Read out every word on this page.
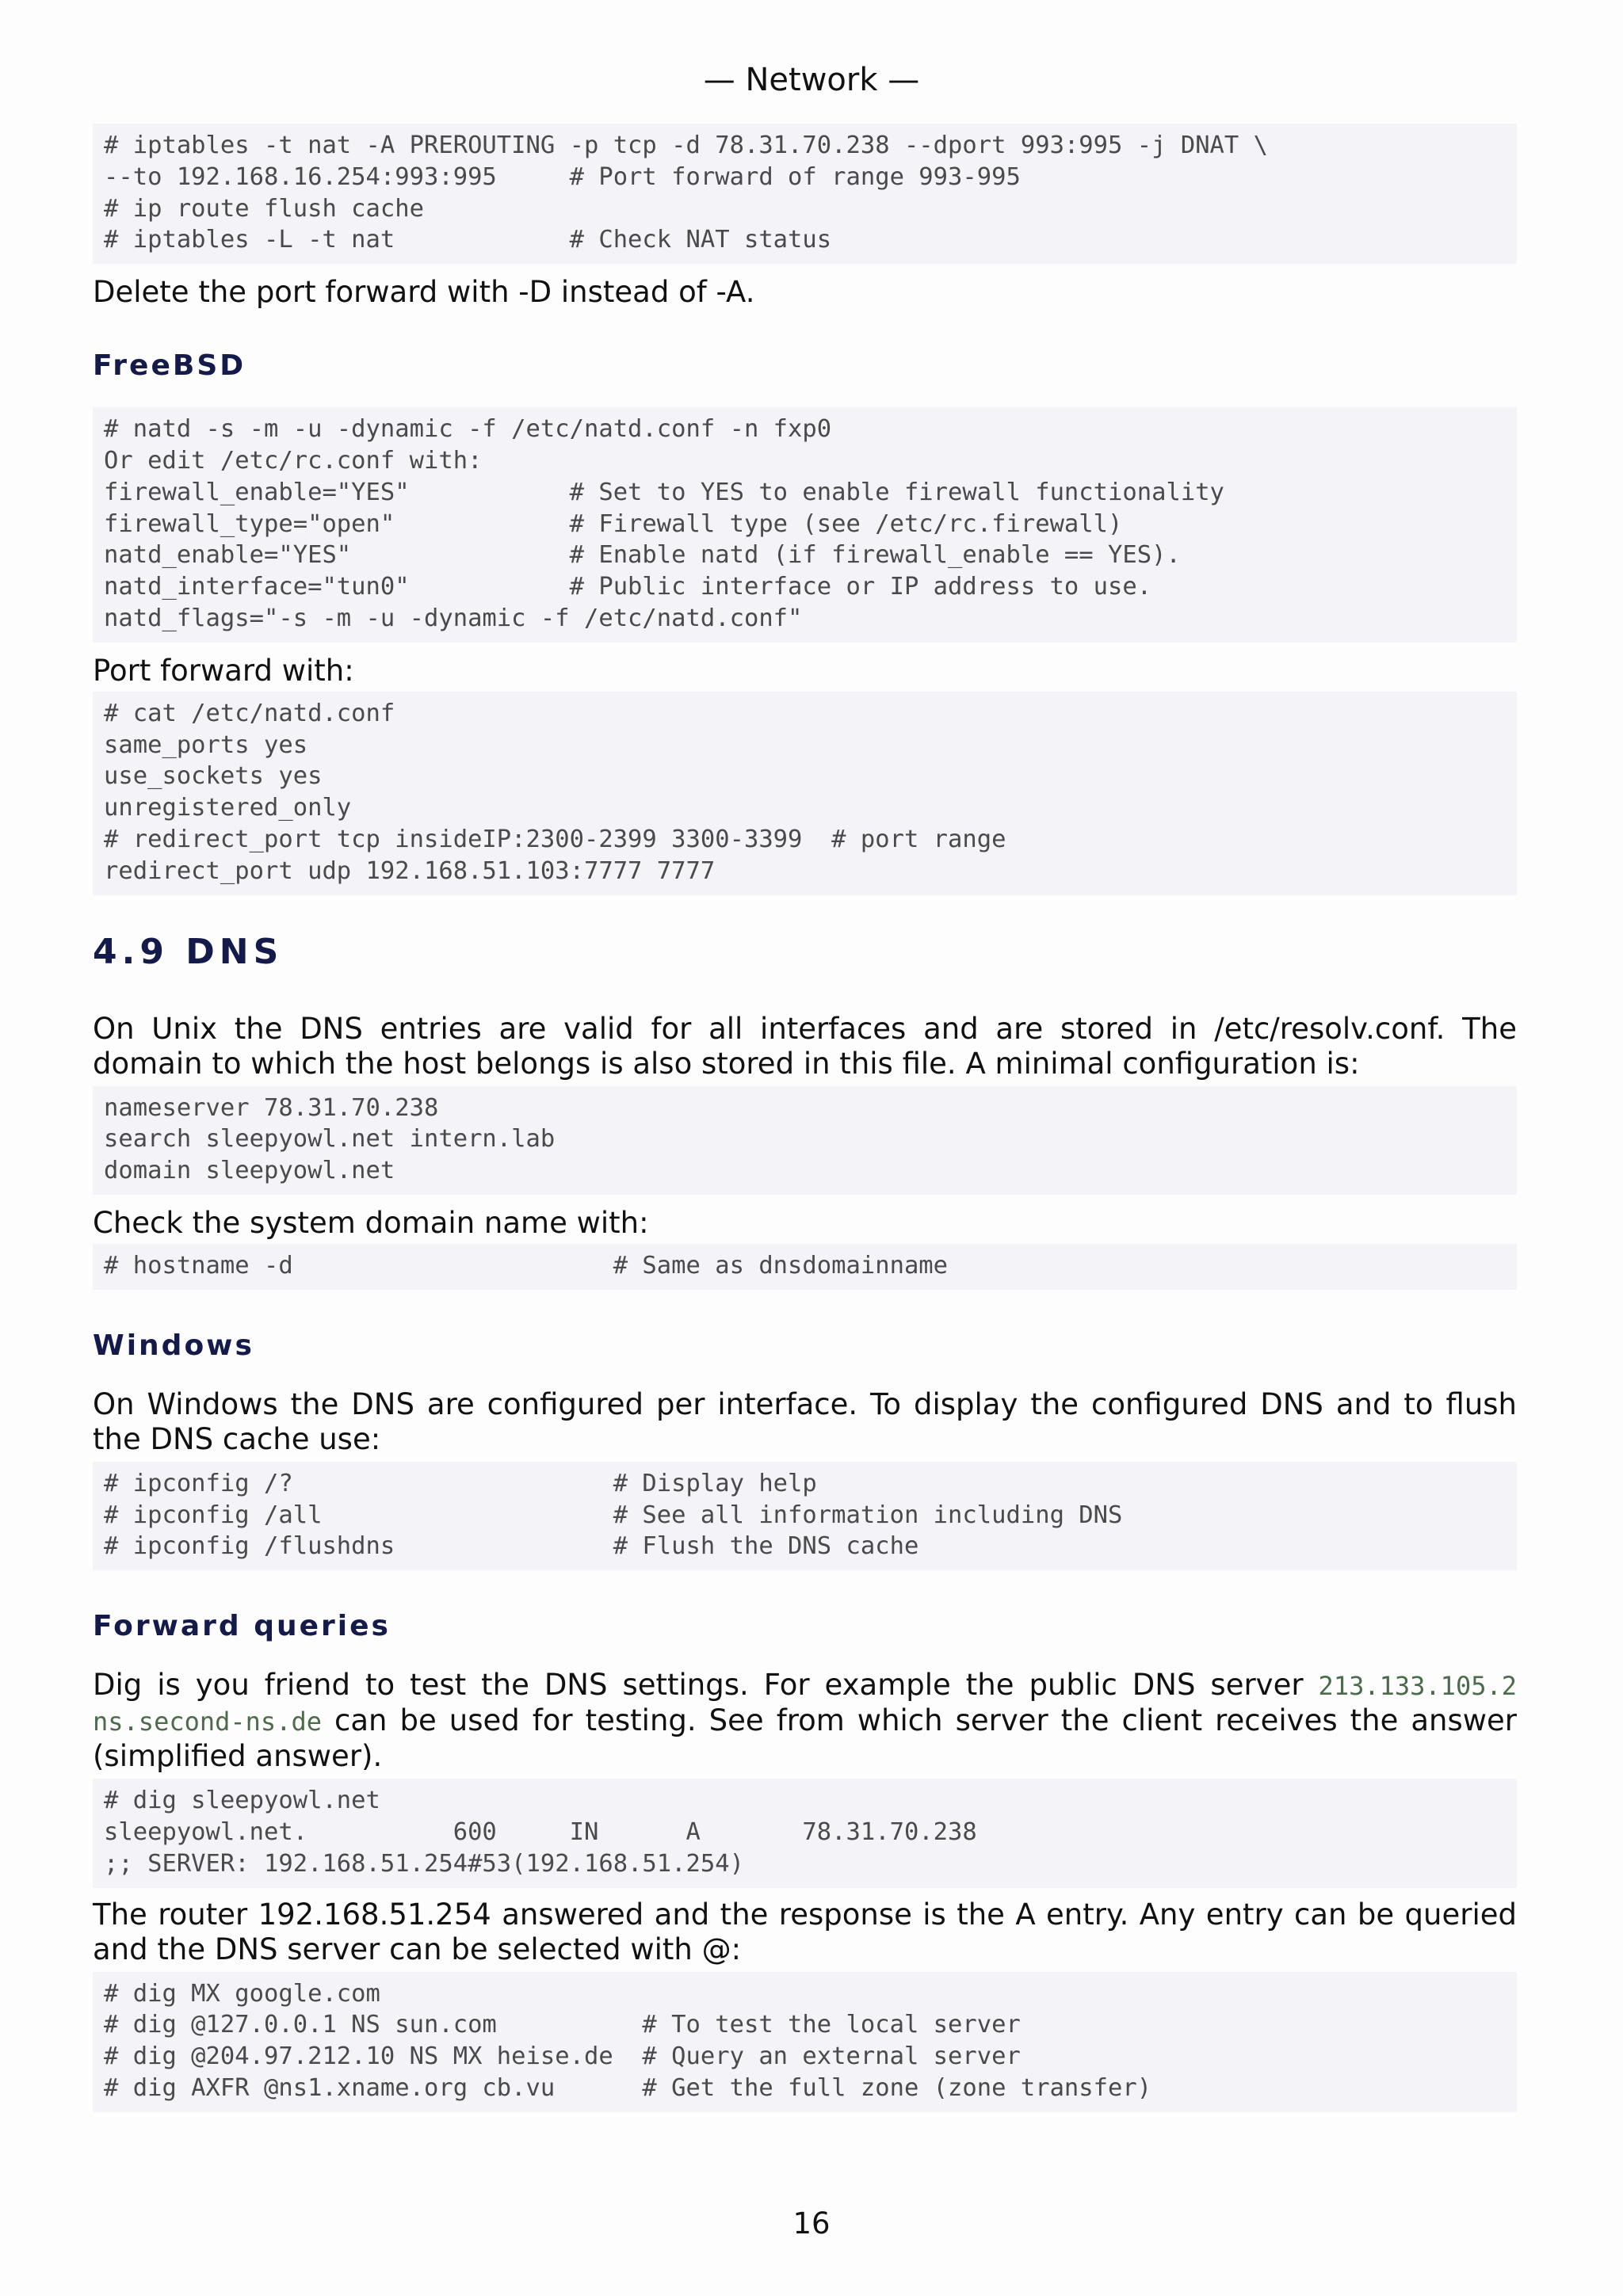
— Network —
# iptables -t nat -A PREROUTING -p tcp -d 78.31.70.238 --dport 993:995 -j DNAT \
--to 192.168.16.254:993:995     # Port forward of range 993-995
# ip route flush cache
# iptables -L -t nat            # Check NAT status

Delete the port forward with -D instead of -A.

FreeBSD
# natd -s -m -u -dynamic -f /etc/natd.conf -n fxp0
Or edit /etc/rc.conf with:
firewall_enable="YES"           # Set to YES to enable firewall functionality
firewall_type="open"            # Firewall type (see /etc/rc.firewall)
natd_enable="YES"               # Enable natd (if firewall_enable == YES).
natd_interface="tun0"           # Public interface or IP address to use.
natd_flags="-s -m -u -dynamic -f /etc/natd.conf"

Port forward with:

# cat /etc/natd.conf
same_ports yes
use_sockets yes
unregistered_only
# redirect_port tcp insideIP:2300-2399 3300-3399  # port range
redirect_port udp 192.168.51.103:7777 7777
4.9 DNS

On Unix the DNS entries are valid for all interfaces and are stored in /etc/resolv.conf. The domain to which the host belongs is also stored in this file. A minimal configuration is:

nameserver 78.31.70.238
search sleepyowl.net intern.lab
domain sleepyowl.net

Check the system domain name with:

# hostname -d                      # Same as dnsdomainname
Windows

On Windows the DNS are configured per interface. To display the configured DNS and to flush the DNS cache use:

# ipconfig /?                      # Display help
# ipconfig /all                    # See all information including DNS
# ipconfig /flushdns               # Flush the DNS cache
Forward queries

Dig is you friend to test the DNS settings. For example the public DNS server 213.133.105.2 ns.second-ns.de can be used for testing. See from which server the client receives the answer (simplified answer).

# dig sleepyowl.net
sleepyowl.net.          600     IN      A       78.31.70.238
;; SERVER: 192.168.51.254#53(192.168.51.254)

The router 192.168.51.254 answered and the response is the A entry. Any entry can be queried and the DNS server can be selected with @:

# dig MX google.com
# dig @127.0.0.1 NS sun.com          # To test the local server
# dig @204.97.212.10 NS MX heise.de  # Query an external server
# dig AXFR @ns1.xname.org cb.vu      # Get the full zone (zone transfer)
16
